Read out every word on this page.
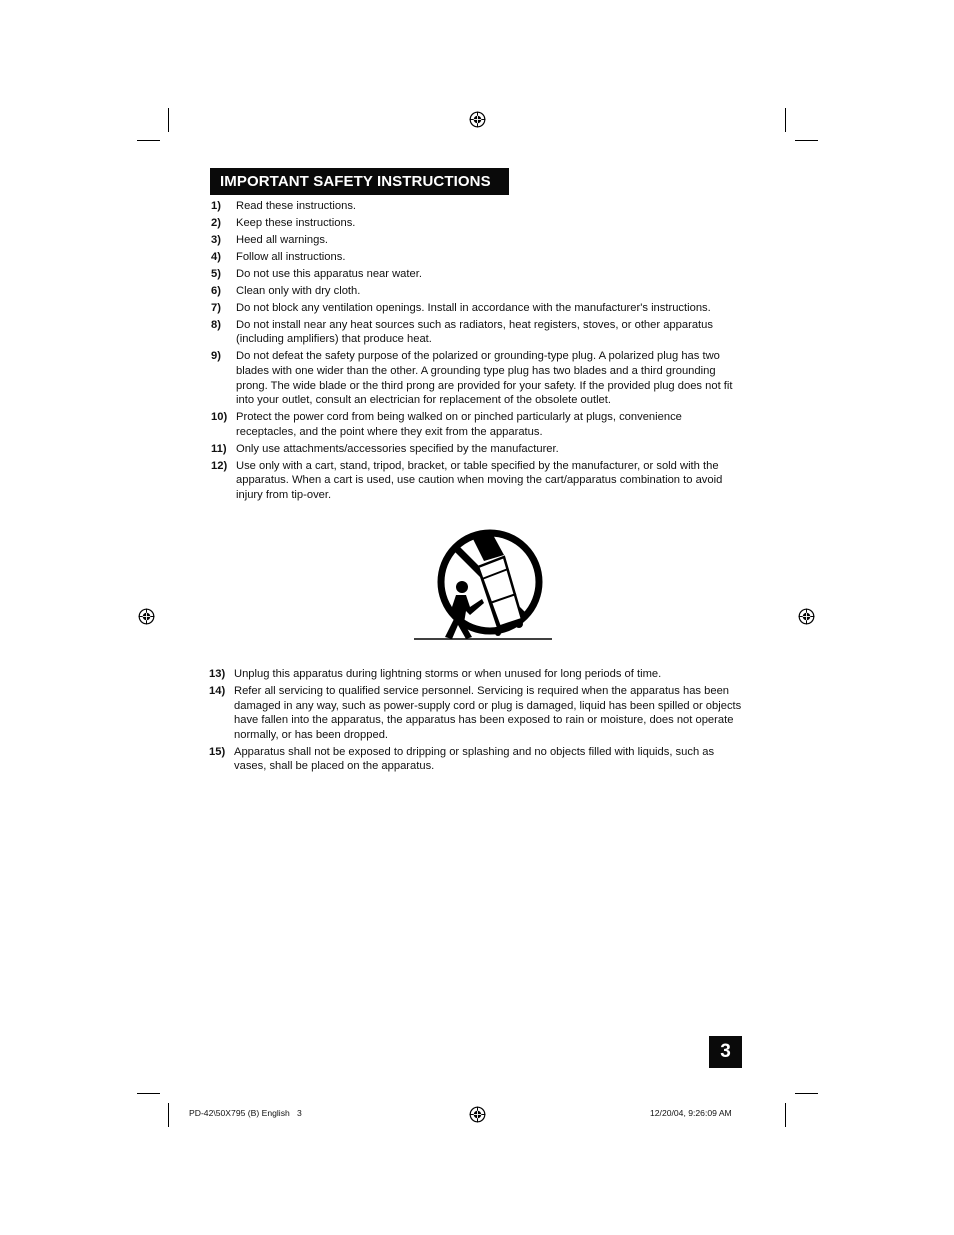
IMPORTANT SAFETY INSTRUCTIONS
1)	Read these instructions.
2)	Keep these instructions.
3)	Heed all warnings.
4)	Follow all instructions.
5)	Do not use this apparatus near water.
6)	Clean only with dry cloth.
7)	Do not block any ventilation openings. Install in accordance with the manufacturer's instructions.
8)	Do not install near any heat sources such as radiators, heat registers, stoves, or other apparatus (including amplifiers) that produce heat.
9)	Do not defeat the safety purpose of the polarized or grounding-type plug. A polarized plug has two blades with one wider than the other. A grounding type plug has two blades and a third grounding prong. The wide blade or the third prong are provided for your safety. If the provided plug does not fit into your outlet, consult an electrician for replacement of the obsolete outlet.
10) Protect the power cord from being walked on or pinched particularly at plugs, convenience receptacles, and the point where they exit from the apparatus.
11) Only use attachments/accessories specified by the manufacturer.
12) Use only with a cart, stand, tripod, bracket, or table specified by the manufacturer, or sold with the apparatus. When a cart is used, use caution when moving the cart/apparatus combination to avoid injury from tip-over.
13) Unplug this apparatus during lightning storms or when unused for long periods of time.
14) Refer all servicing to qualified service personnel. Servicing is required when the apparatus has been damaged in any way, such as power-supply cord or plug is damaged, liquid has been spilled or objects have fallen into the apparatus, the apparatus has been exposed to rain or moisture, does not operate normally, or has been dropped.
15) Apparatus shall not be exposed to dripping or splashing and no objects filled with liquids, such as vases, shall be placed on the apparatus.
3
PD-42\50X795 (B) English   3	12/20/04, 9:26:09 AM
